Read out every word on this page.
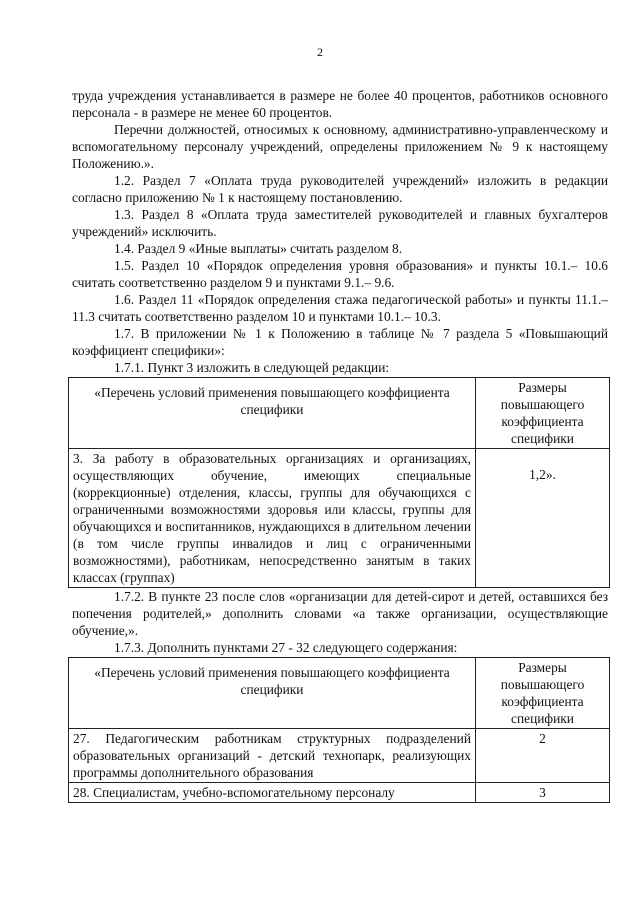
2

труда учреждения устанавливается в размере не более 40 процентов, работников основного персонала - в размере не менее 60 процентов.

Перечни должностей, относимых к основному, административно-управленческому и вспомогательному персоналу учреждений, определены приложением № 9 к настоящему Положению.».

1.2. Раздел 7 «Оплата труда руководителей учреждений» изложить в редакции согласно приложению № 1 к настоящему постановлению.

1.3. Раздел 8 «Оплата труда заместителей руководителей и главных бухгалтеров учреждений» исключить.

1.4. Раздел 9 «Иные выплаты» считать разделом 8.

1.5. Раздел 10 «Порядок определения уровня образования» и пункты 10.1.– 10.6 считать соответственно разделом 9 и пунктами 9.1.– 9.6.

1.6. Раздел 11 «Порядок определения стажа педагогической работы» и пункты 11.1.– 11.3 считать соответственно разделом 10 и пунктами 10.1.– 10.3.

1.7. В приложении № 1 к Положению в таблице № 7 раздела 5 «Повышающий коэффициент специфики»:

1.7.1. Пункт 3 изложить в следующей редакции:

«Перечень условий применения повышающего коэффициента специфики	Размеры повышающего коэффициента специфики
3. За работу в образовательных организациях и организациях, осуществляющих обучение, имеющих специальные (коррекционные) отделения, классы, группы для обучающихся с ограниченными возможностями здоровья или классы, группы для обучающихся и воспитанников, нуждающихся в длительном лечении (в том числе группы инвалидов и лиц с ограниченными возможностями), работникам, непосредственно занятым в таких классах (группах)	1,2».

1.7.2. В пункте 23 после слов «организации для детей-сирот и детей, оставшихся без попечения родителей,» дополнить словами «а также организации, осуществляющие обучение,».

1.7.3. Дополнить пунктами 27 - 32 следующего содержания:

«Перечень условий применения повышающего коэффициента специфики	Размеры повышающего коэффициента специфики
27. Педагогическим работникам структурных подразделений образовательных организаций - детский технопарк, реализующих программы дополнительного образования	2
28. Специалистам, учебно-вспомогательному персоналу	3
